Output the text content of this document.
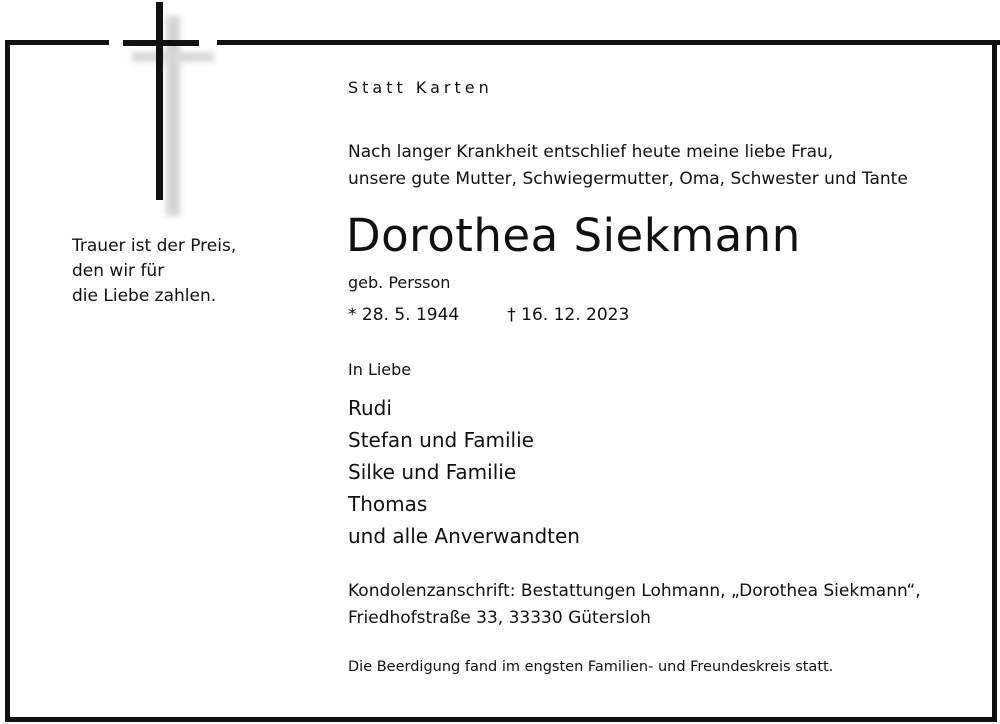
Trauer ist der Preis,
den wir für
die Liebe zahlen.
Statt Karten
Nach langer Krankheit entschlief heute meine liebe Frau,
unsere gute Mutter, Schwiegermutter, Oma, Schwester und Tante
Dorothea Siekmann
geb. Persson
* 28. 5. 1944	† 16. 12. 2023
In Liebe
Rudi
Stefan und Familie
Silke und Familie
Thomas
und alle Anverwandten
Kondolenzanschrift: Bestattungen Lohmann, „Dorothea Siekmann“,
Friedhofstraße 33, 33330 Gütersloh
Die Beerdigung fand im engsten Familien- und Freundeskreis statt.
